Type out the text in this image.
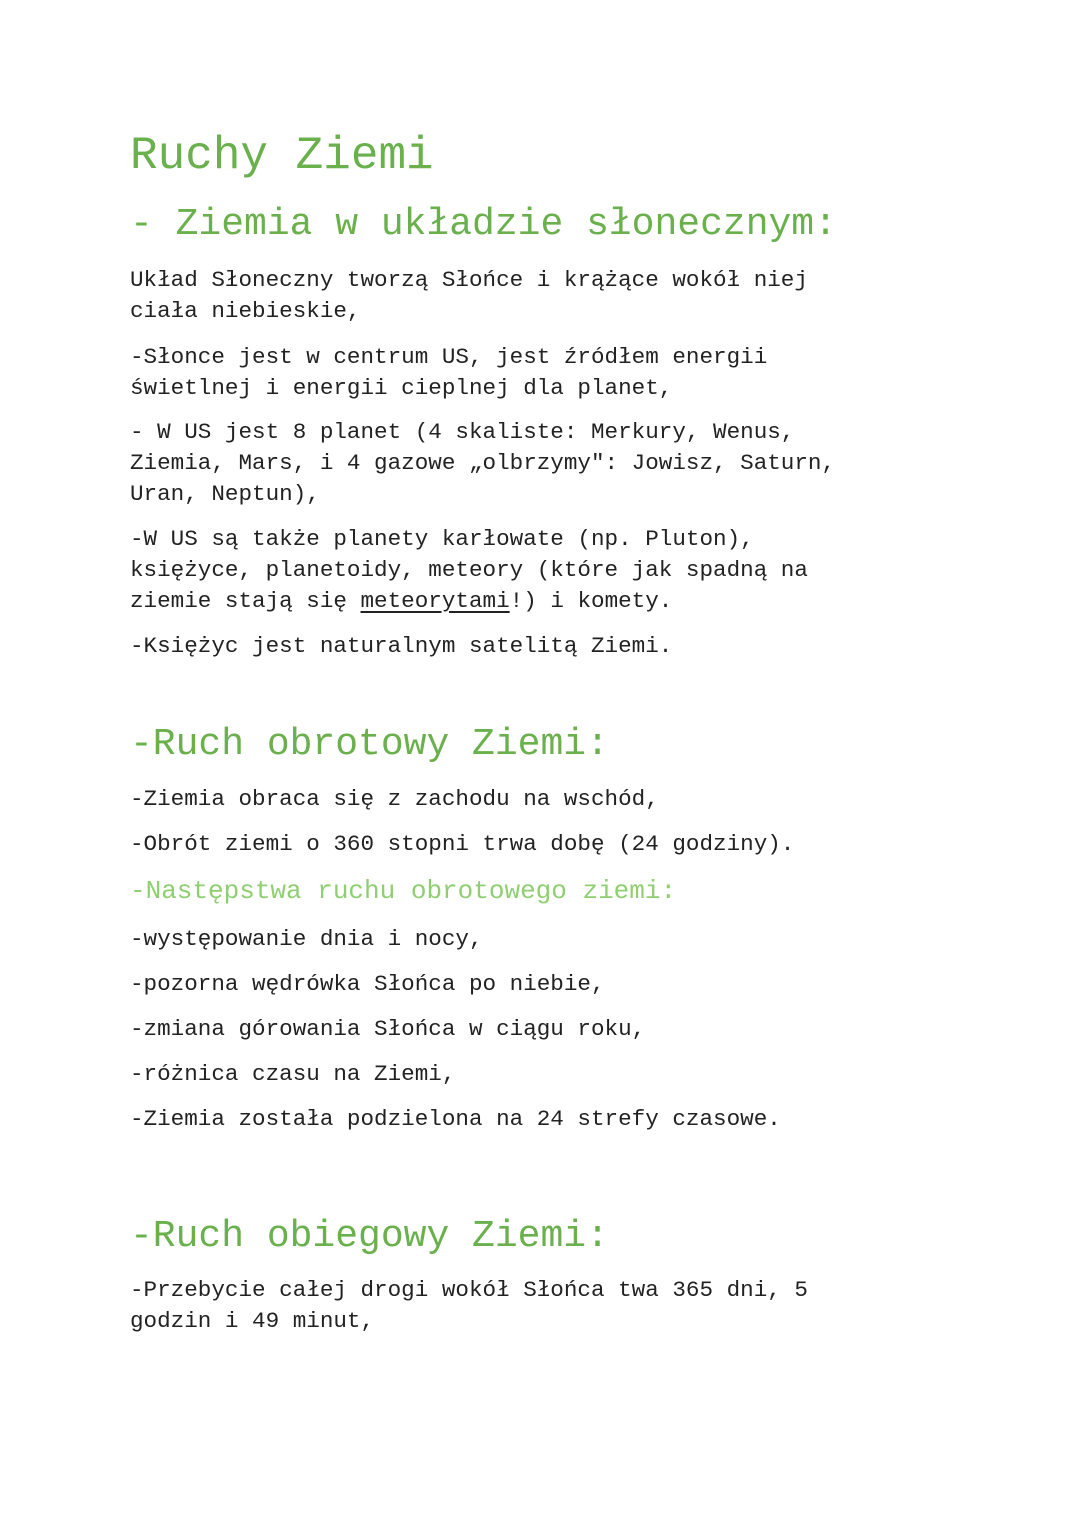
Ruchy Ziemi
- Ziemia w układzie słonecznym:
Układ Słoneczny tworzą Słońce i krążące wokół niej
ciała niebieskie,
-Słonce jest w centrum US, jest źródłem energii
świetlnej i energii cieplnej dla planet,
- W US jest 8 planet (4 skaliste: Merkury, Wenus,
Ziemia, Mars, i 4 gazowe „olbrzymy": Jowisz, Saturn,
Uran, Neptun),
-W US są także planety karłowate (np. Pluton),
księżyce, planetoidy, meteory (które jak spadną na
ziemie stają się meteorytami!) i komety.
-Księżyc jest naturalnym satelitą Ziemi.
-Ruch obrotowy Ziemi:
-Ziemia obraca się z zachodu na wschód,
-Obrót ziemi o 360 stopni trwa dobę (24 godziny).
-Następstwa ruchu obrotowego ziemi:
-występowanie dnia i nocy,
-pozorna wędrówka Słońca po niebie,
-zmiana górowania Słońca w ciągu roku,
-różnica czasu na Ziemi,
-Ziemia została podzielona na 24 strefy czasowe.
-Ruch obiegowy Ziemi:
-Przebycie całej drogi wokół Słońca twa 365 dni, 5
godzin i 49 minut,
